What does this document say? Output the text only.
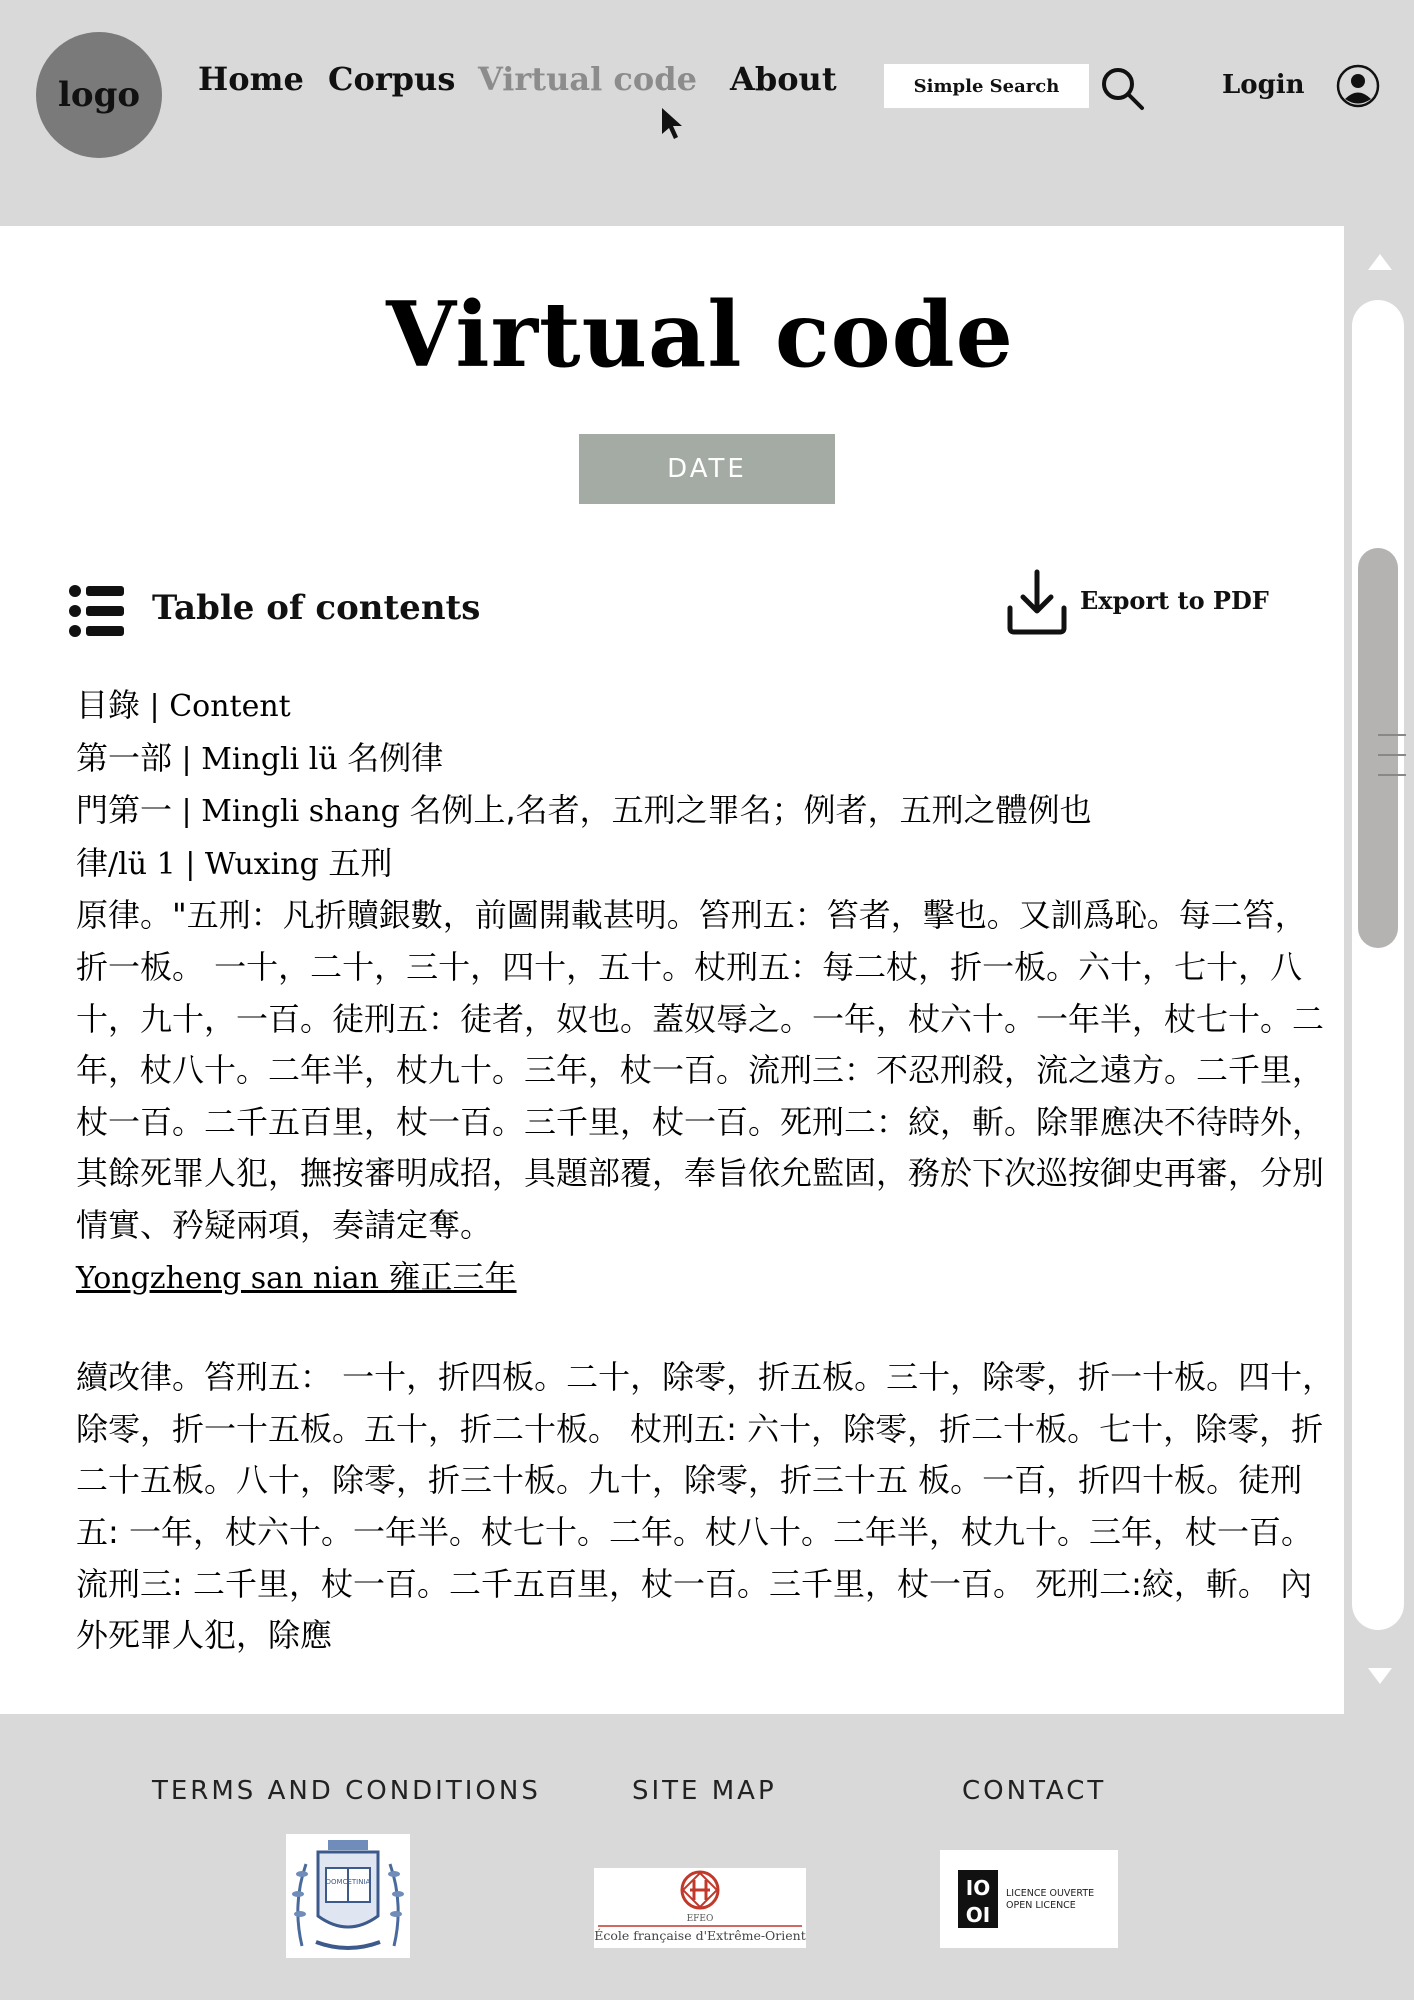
logo Home Corpus Virtual code About	Simple Search	Login
Virtual code
DATE
Table of contents	Export to PDF
目錄 | Content
第一部 | Mingli lü 名例律
門第一 | Mingli shang 名例上,名者，五刑之罪名；例者，五刑之體例也
律/lü 1 | Wuxing 五刑
原律。"五刑：凡折贖銀數，前圖開載甚明。笞刑五：笞者，擊也。又訓爲恥。每二笞，折一板。 一十，二十，三十，四十，五十。杖刑五：每二杖，折一板。六十，七十，八十，九十，一百。徒刑五：徒者，奴也。蓋奴辱之。一年，杖六十。一年半，杖七十。二年，杖八十。二年半，杖九十。三年，杖一百。流刑三：不忍刑殺，流之遠方。二千里，杖一百。二千五百里，杖一百。三千里，杖一百。死刑二：絞，斬。除罪應决不待時外，其餘死罪人犯，撫按審明成招，具題部覆，奉旨依允監固，務於下次巡按御史再審，分別情實、矜疑兩項，奏請定奪。
Yongzheng san nian 雍正三年
續改律。笞刑五： 一十，折四板。二十，除零，折五板。三十，除零，折一十板。四十，除零，折一十五板。五十，折二十板。 杖刑五: 六十，除零，折二十板。七十，除零，折二十五板。八十，除零，折三十板。九十，除零，折三十五 板。一百，折四十板。徒刑五: 一年，杖六十。一年半。杖七十。二年。杖八十。二年半，杖九十。三年，杖一百。 流刑三: 二千里，杖一百。二千五百里，杖一百。三千里，杖一百。 死刑二:絞，斬。 內外死罪人犯，除應
TERMS AND CONDITIONS	SITE MAP	CONTACT
DOMCETINIA
EFEO
École française d'Extrême-Orient
IO
OI
LICENCE OUVERTE
OPEN LICENCE
